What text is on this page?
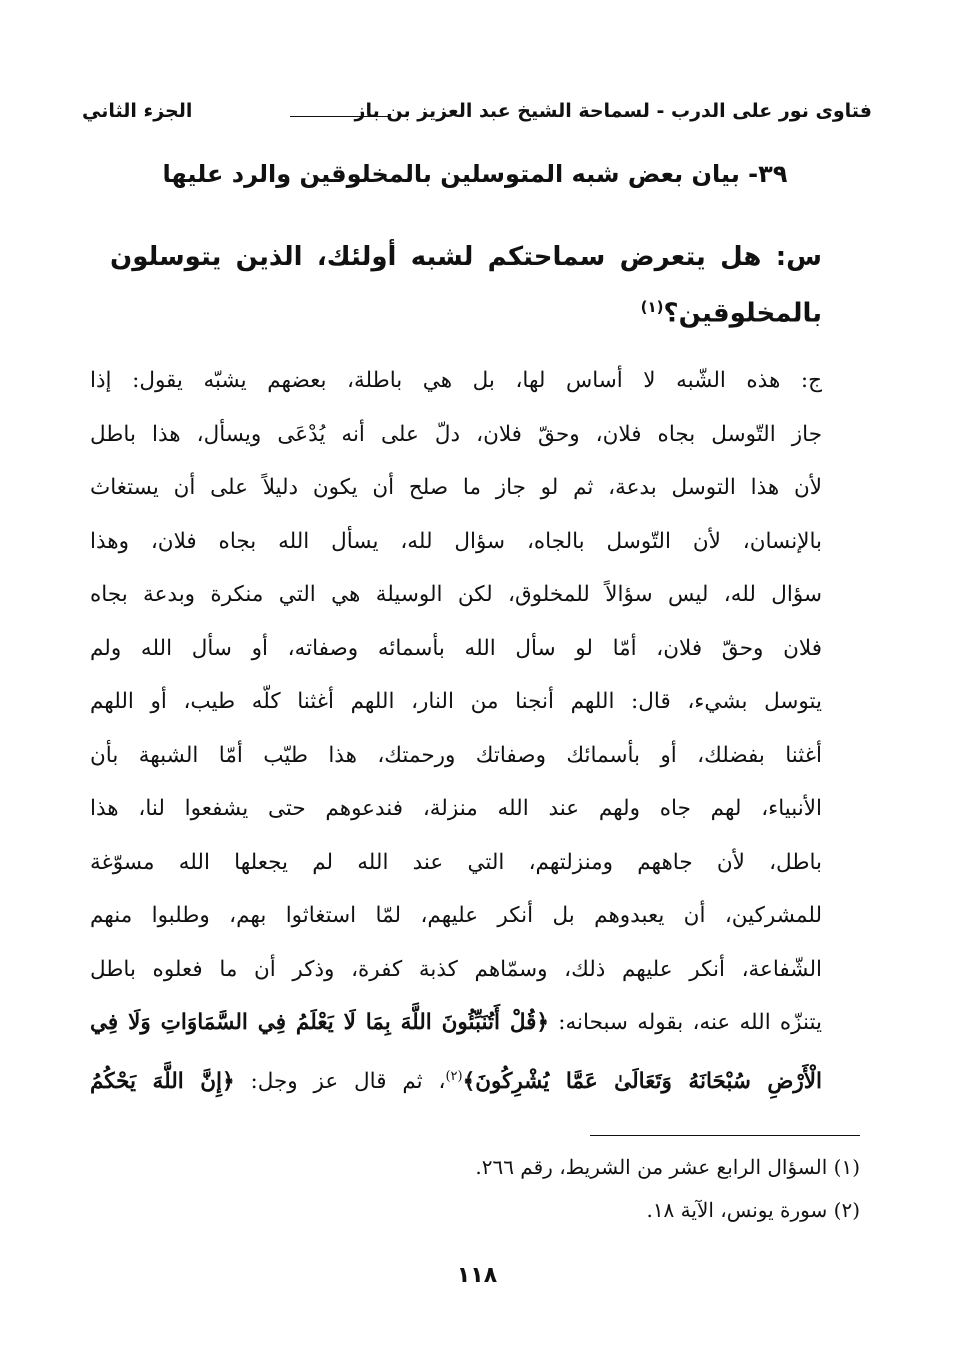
فتاوى نور على الدرب - لسماحة الشيخ عبد العزيز بن باز
الجزء الثاني
٣٩- بيان بعض شبه المتوسلين بالمخلوقين والرد عليها
س: هل يتعرض سماحتكم لشبه أولئك، الذين يتوسلون بالمخلوقين؟$^{(١)}$
ج: هذه الشّبه لا أساس لها، بل هي باطلة، بعضهم يشبّه يقول: إذا
جاز التّوسل بجاه فلان، وحقّ فلان، دلّ على أنه يُدْعَى ويسأل، هذا باطل
لأن هذا التوسل بدعة، ثم لو جاز ما صلح أن يكون دليلاً على أن يستغاث
بالإنسان، لأن التّوسل بالجاه، سؤال لله، يسأل الله بجاه فلان، وهذا
سؤال لله، ليس سؤالاً للمخلوق، لكن الوسيلة هي التي منكرة وبدعة بجاه
فلان وحقّ فلان، أمّا لو سأل الله بأسمائه وصفاته، أو سأل الله ولم
يتوسل بشيء، قال: اللهم أنجنا من النار، اللهم أغثنا كلّه طيب، أو اللهم
أغثنا بفضلك، أو بأسمائك وصفاتك ورحمتك، هذا طيّب أمّا الشبهة بأن
الأنبياء، لهم جاه ولهم عند الله منزلة، فندعوهم حتى يشفعوا لنا، هذا
باطل، لأن جاههم ومنزلتهم، التي عند الله لم يجعلها الله مسوّغة
للمشركين، أن يعبدوهم بل أنكر عليهم، لمّا استغاثوا بهم، وطلبوا منهم
الشّفاعة، أنكر عليهم ذلك، وسمّاهم كذبة كفرة، وذكر أن ما فعلوه باطل
يتنزّه الله عنه، بقوله سبحانه: ﴿قُلْ أَتُنَبِّئُونَ اللَّهَ بِمَا لَا يَعْلَمُ فِي السَّمَاوَاتِ وَلَا فِي
الْأَرْضِ سُبْحَانَهُ وَتَعَالَىٰ عَمَّا يُشْرِكُونَ﴾$^{(٢)}$، ثم قال عز وجل: ﴿إِنَّ اللَّهَ يَحْكُمُ
(١) السؤال الرابع عشر من الشريط، رقم ٢٦٦.
(٢) سورة يونس، الآية ١٨.
١١٨
